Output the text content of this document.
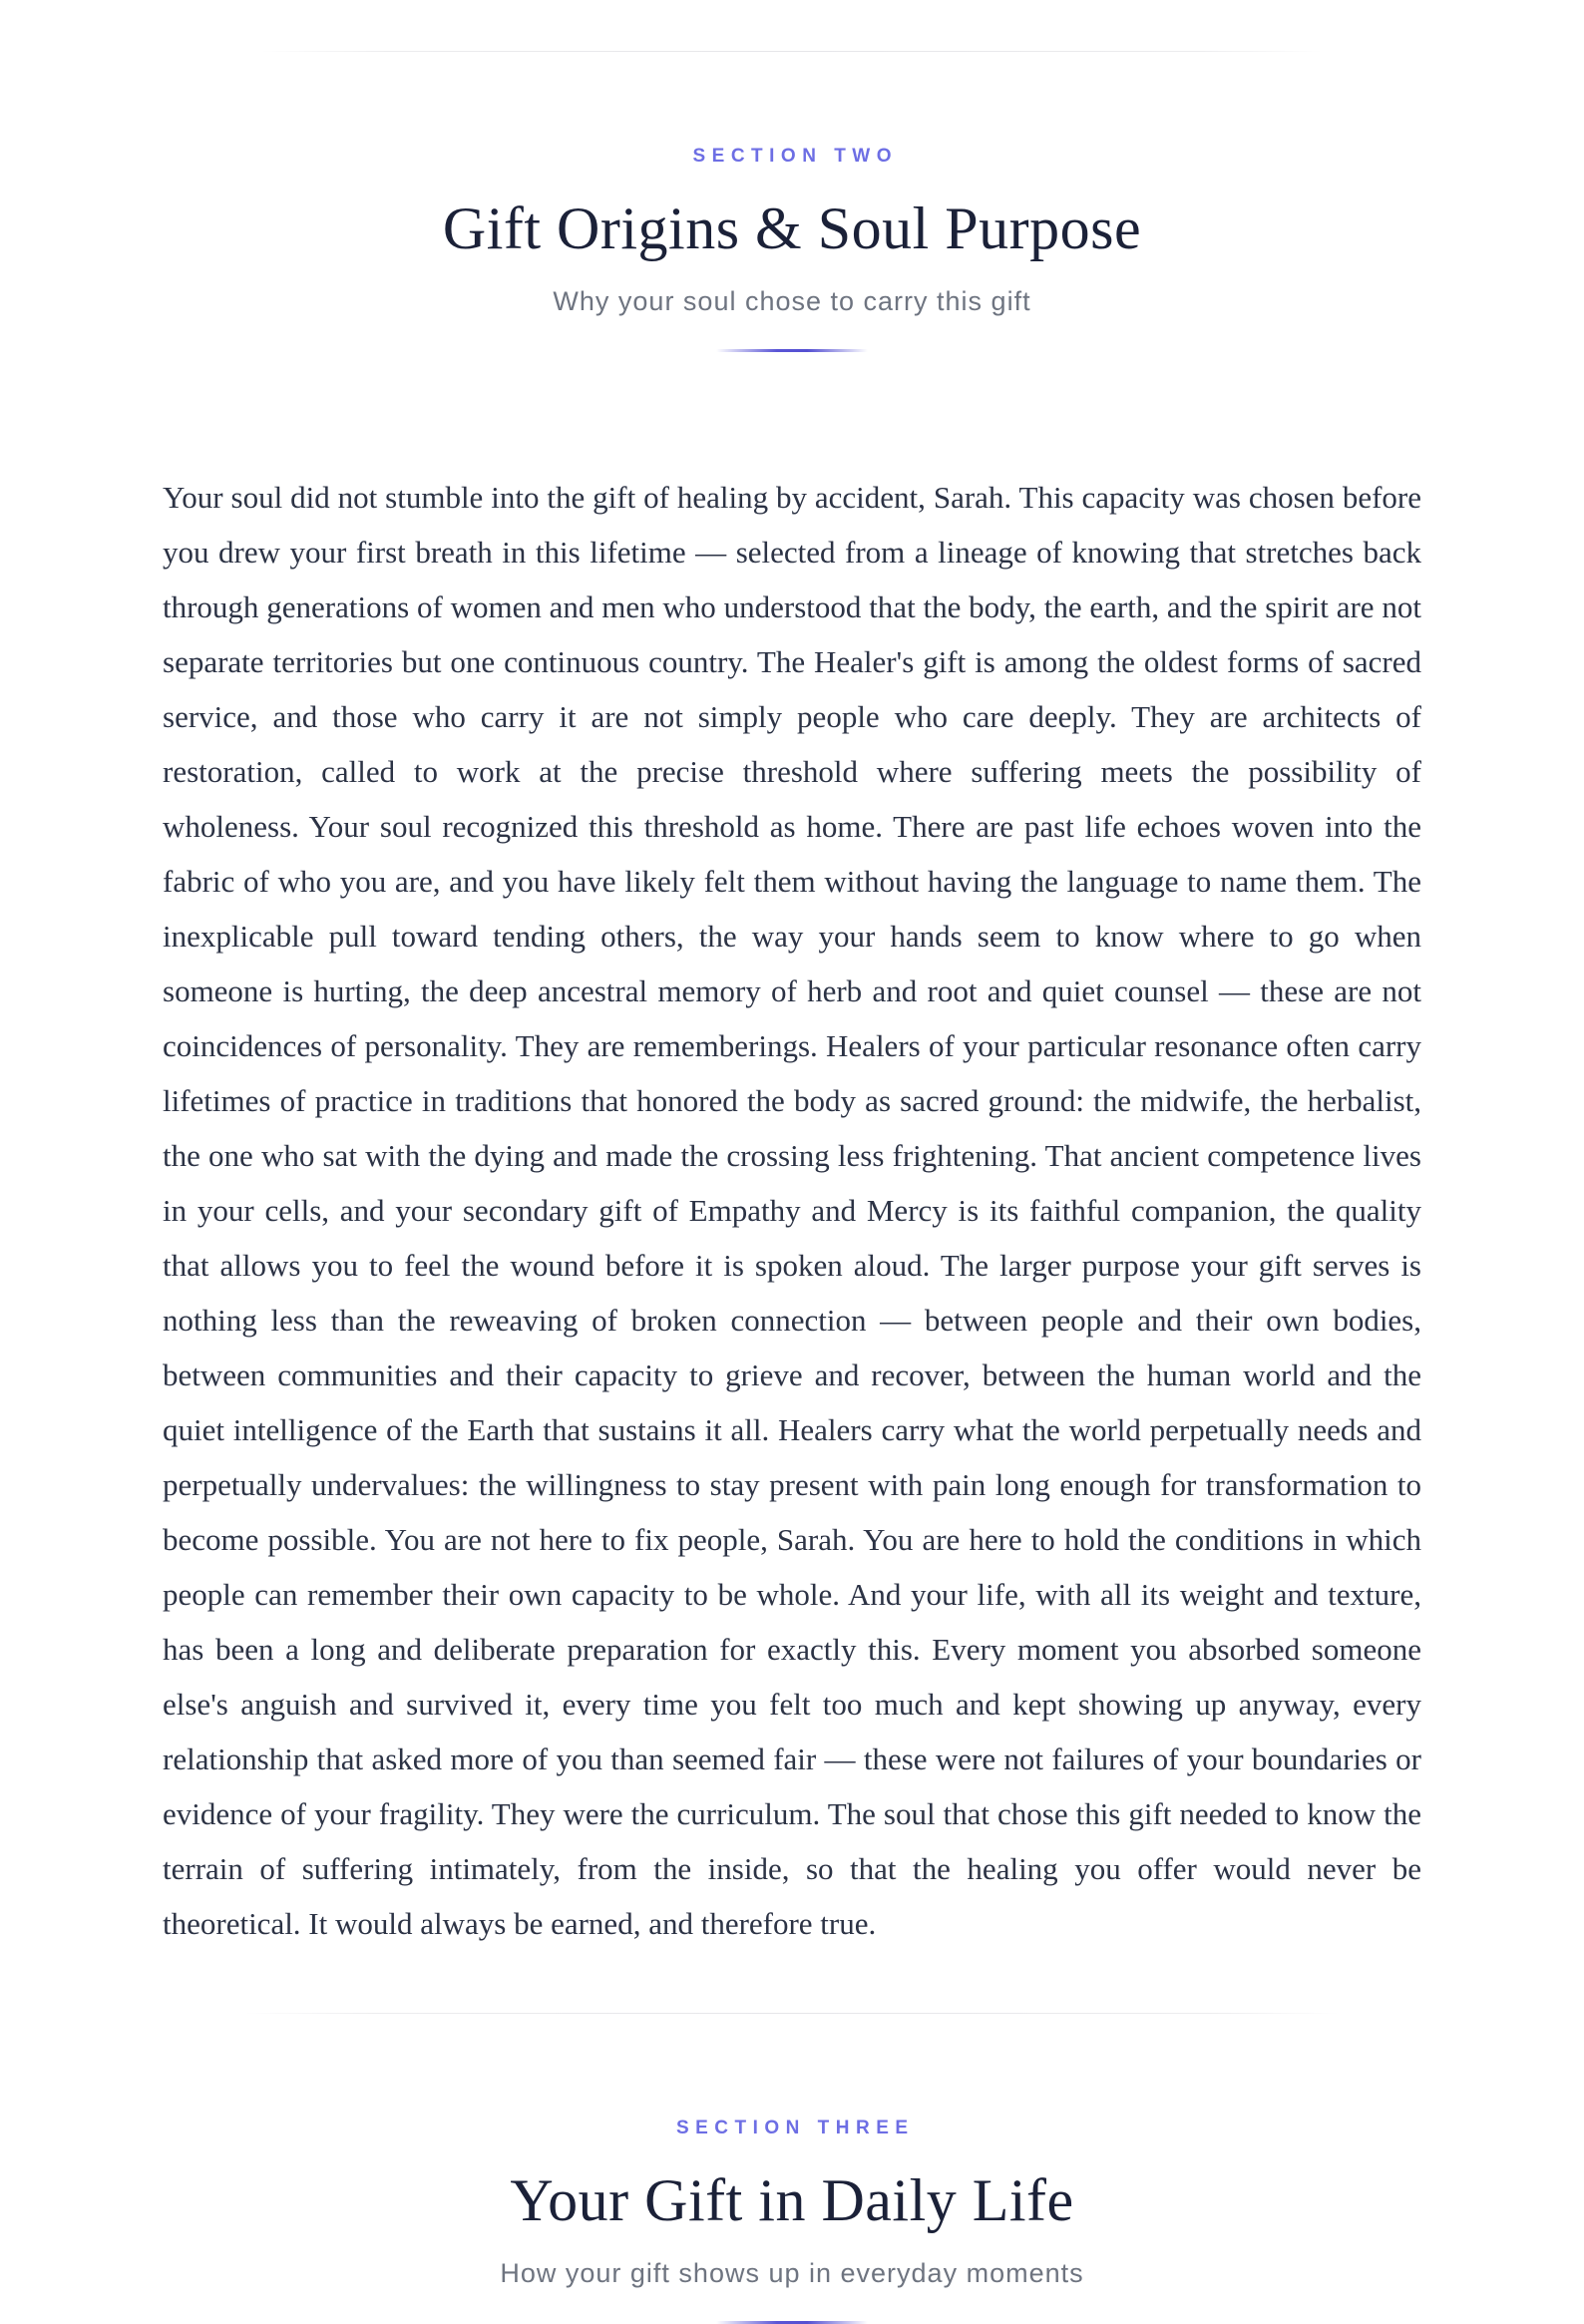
SECTION TWO
Gift Origins & Soul Purpose
Why your soul chose to carry this gift

Your soul did not stumble into the gift of healing by accident, Sarah. This capacity was chosen before you drew your first breath in this lifetime — selected from a lineage of knowing that stretches back through generations of women and men who understood that the body, the earth, and the spirit are not separate territories but one continuous country. The Healer's gift is among the oldest forms of sacred service, and those who carry it are not simply people who care deeply. They are architects of restoration, called to work at the precise threshold where suffering meets the possibility of wholeness. Your soul recognized this threshold as home. There are past life echoes woven into the fabric of who you are, and you have likely felt them without having the language to name them. The inexplicable pull toward tending others, the way your hands seem to know where to go when someone is hurting, the deep ancestral memory of herb and root and quiet counsel — these are not coincidences of personality. They are rememberings. Healers of your particular resonance often carry lifetimes of practice in traditions that honored the body as sacred ground: the midwife, the herbalist, the one who sat with the dying and made the crossing less frightening. That ancient competence lives in your cells, and your secondary gift of Empathy and Mercy is its faithful companion, the quality that allows you to feel the wound before it is spoken aloud. The larger purpose your gift serves is nothing less than the reweaving of broken connection — between people and their own bodies, between communities and their capacity to grieve and recover, between the human world and the quiet intelligence of the Earth that sustains it all. Healers carry what the world perpetually needs and perpetually undervalues: the willingness to stay present with pain long enough for transformation to become possible. You are not here to fix people, Sarah. You are here to hold the conditions in which people can remember their own capacity to be whole. And your life, with all its weight and texture, has been a long and deliberate preparation for exactly this. Every moment you absorbed someone else's anguish and survived it, every time you felt too much and kept showing up anyway, every relationship that asked more of you than seemed fair — these were not failures of your boundaries or evidence of your fragility. They were the curriculum. The soul that chose this gift needed to know the terrain of suffering intimately, from the inside, so that the healing you offer would never be theoretical. It would always be earned, and therefore true.

SECTION THREE
Your Gift in Daily Life
How your gift shows up in everyday moments
